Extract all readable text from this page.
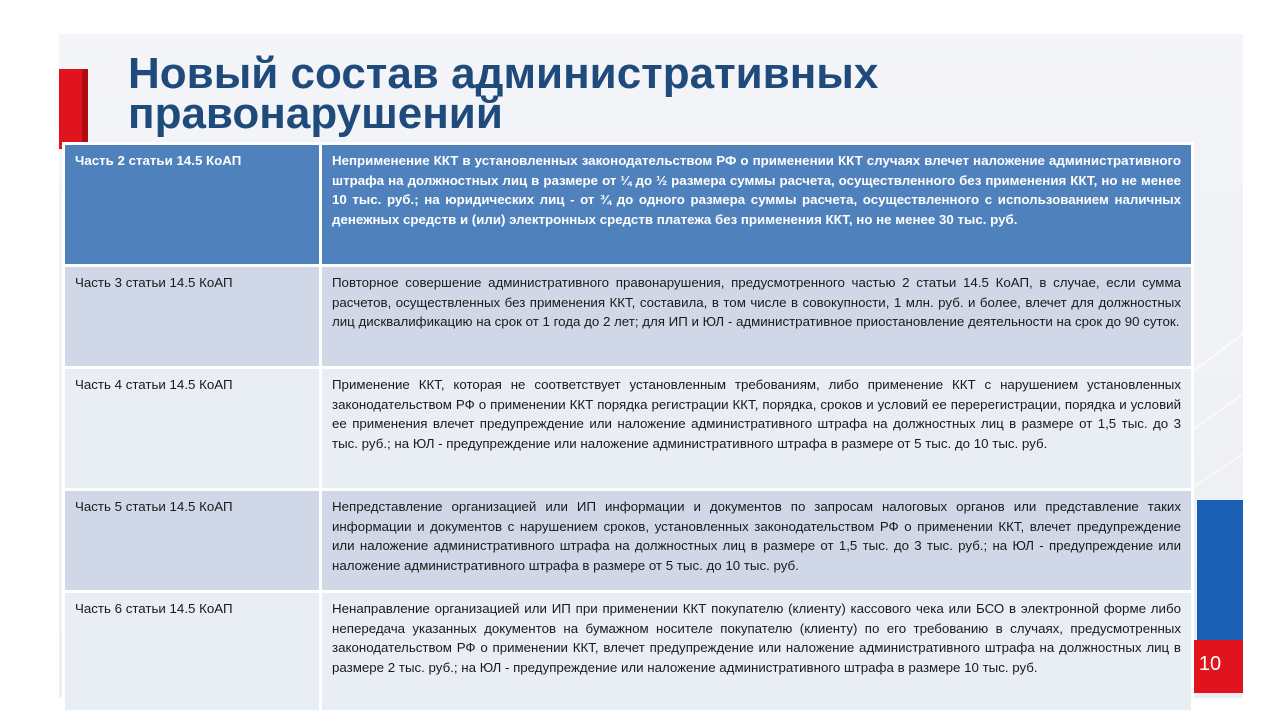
10
Новый состав административных правонарушений
Часть 2 статьи 14.5 КоАП	Неприменение ККТ в установленных законодательством РФ о применении ККТ случаях влечет наложение административного штрафа на должностных лиц в размере от ¼ до ½ размера суммы расчета, осуществленного без применения ККТ, но не менее 10 тыс. руб.; на юридических лиц - от ¾ до одного размера суммы расчета, осуществленного с использованием наличных денежных средств и (или) электронных средств платежа без применения ККТ, но не менее 30 тыс. руб.
Часть 3 статьи 14.5 КоАП	Повторное совершение административного правонарушения, предусмотренного частью 2 статьи 14.5 КоАП, в случае, если сумма расчетов, осуществленных без применения ККТ, составила, в том числе в совокупности, 1 млн. руб. и более, влечет для должностных лиц дисквалификацию на срок от 1 года до 2 лет; для ИП и ЮЛ - административное приостановление деятельности на срок до 90 суток.
Часть 4 статьи 14.5 КоАП	Применение ККТ, которая не соответствует установленным требованиям, либо применение ККТ с нарушением установленных законодательством РФ о применении ККТ порядка регистрации ККТ, порядка, сроков и условий ее перерегистрации, порядка и условий ее применения влечет предупреждение или наложение административного штрафа на должностных лиц в размере от 1,5 тыс. до 3 тыс. руб.; на ЮЛ - предупреждение или наложение административного штрафа в размере от 5 тыс. до 10 тыс. руб.
Часть 5 статьи 14.5 КоАП	Непредставление организацией или ИП информации и документов по запросам налоговых органов или представление таких информации и документов с нарушением сроков, установленных законодательством РФ о применении ККТ, влечет предупреждение или наложение административного штрафа на должностных лиц в размере от 1,5 тыс. до 3 тыс. руб.; на ЮЛ - предупреждение или наложение административного штрафа в размере от 5 тыс. до 10 тыс. руб.
Часть 6 статьи 14.5 КоАП	Ненаправление организацией или ИП при применении ККТ покупателю (клиенту) кассового чека или БСО в электронной форме либо непередача указанных документов на бумажном носителе покупателю (клиенту) по его требованию в случаях, предусмотренных законодательством РФ о применении ККТ, влечет предупреждение или наложение административного штрафа на должностных лиц в размере 2 тыс. руб.; на ЮЛ - предупреждение или наложение административного штрафа в размере 10 тыс. руб.
